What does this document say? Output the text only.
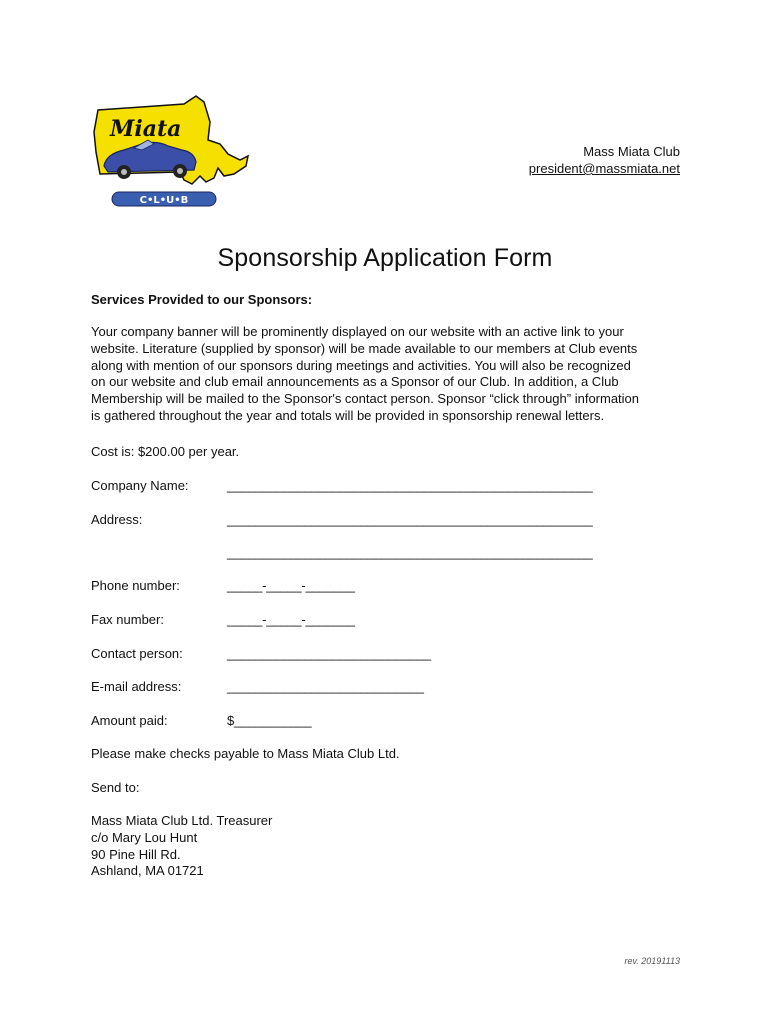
Miata
C•L•U•B
Mass Miata Club
president@massmiata.net
Sponsorship Application Form
Services Provided to our Sponsors:
Your company banner will be prominently displayed on our website with an active link to your
website. Literature (supplied by sponsor) will be made available to our members at Club events
along with mention of our sponsors during meetings and activities. You will also be recognized
on our website and club email announcements as a Sponsor of our Club. In addition, a Club
Membership will be mailed to the Sponsor's contact person. Sponsor “click through” information
is gathered throughout the year and totals will be provided in sponsorship renewal letters.
Cost is: $200.00 per year.
Company Name:	____________________________________________________
Address:	____________________________________________________
____________________________________________________
Phone number:	_____-_____-_______
Fax number:	_____-_____-_______
Contact person:	_____________________________
E-mail address:	____________________________
Amount paid:	$___________
Please make checks payable to Mass Miata Club Ltd.
Send to:
Mass Miata Club Ltd. Treasurer
c/o Mary Lou Hunt
90 Pine Hill Rd.
Ashland, MA 01721
rev. 20191113
